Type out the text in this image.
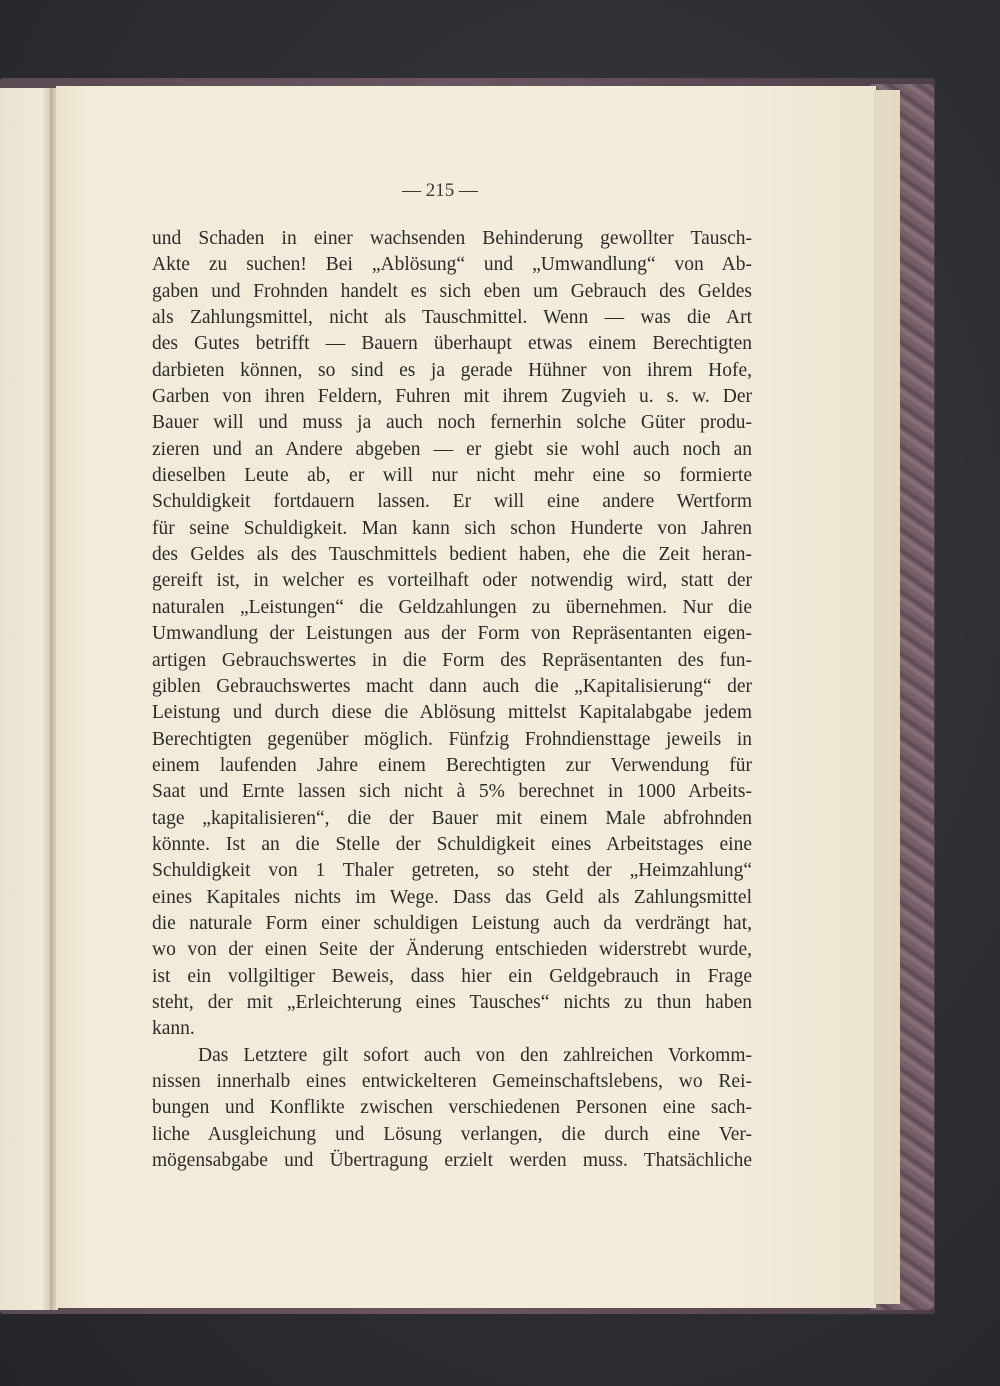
— 215 —
und Schaden in einer wachsenden Behinderung gewollter Tausch-
Akte zu suchen! Bei „Ablösung“ und „Umwandlung“ von Ab-
gaben und Frohnden handelt es sich eben um Gebrauch des Geldes
als Zahlungsmittel, nicht als Tauschmittel. Wenn — was die Art
des Gutes betrifft — Bauern überhaupt etwas einem Berechtigten
darbieten können, so sind es ja gerade Hühner von ihrem Hofe,
Garben von ihren Feldern, Fuhren mit ihrem Zugvieh u. s. w. Der
Bauer will und muss ja auch noch fernerhin solche Güter produ-
zieren und an Andere abgeben — er giebt sie wohl auch noch an
dieselben Leute ab, er will nur nicht mehr eine so formierte
Schuldigkeit fortdauern lassen. Er will eine andere Wertform
für seine Schuldigkeit. Man kann sich schon Hunderte von Jahren
des Geldes als des Tauschmittels bedient haben, ehe die Zeit heran-
gereift ist, in welcher es vorteilhaft oder notwendig wird, statt der
naturalen „Leistungen“ die Geldzahlungen zu übernehmen. Nur die
Umwandlung der Leistungen aus der Form von Repräsentanten eigen-
artigen Gebrauchswertes in die Form des Repräsentanten des fun-
giblen Gebrauchswertes macht dann auch die „Kapitalisierung“ der
Leistung und durch diese die Ablösung mittelst Kapitalabgabe jedem
Berechtigten gegenüber möglich. Fünfzig Frohndiensttage jeweils in
einem laufenden Jahre einem Berechtigten zur Verwendung für
Saat und Ernte lassen sich nicht à 5% berechnet in 1000 Arbeits-
tage „kapitalisieren“, die der Bauer mit einem Male abfrohnden
könnte. Ist an die Stelle der Schuldigkeit eines Arbeitstages eine
Schuldigkeit von 1 Thaler getreten, so steht der „Heimzahlung“
eines Kapitales nichts im Wege. Dass das Geld als Zahlungsmittel
die naturale Form einer schuldigen Leistung auch da verdrängt hat,
wo von der einen Seite der Änderung entschieden widerstrebt wurde,
ist ein vollgiltiger Beweis, dass hier ein Geldgebrauch in Frage
steht, der mit „Erleichterung eines Tausches“ nichts zu thun haben
kann.
Das Letztere gilt sofort auch von den zahlreichen Vorkomm-
nissen innerhalb eines entwickelteren Gemeinschaftslebens, wo Rei-
bungen und Konflikte zwischen verschiedenen Personen eine sach-
liche Ausgleichung und Lösung verlangen, die durch eine Ver-
mögensabgabe und Übertragung erzielt werden muss. Thatsächliche
